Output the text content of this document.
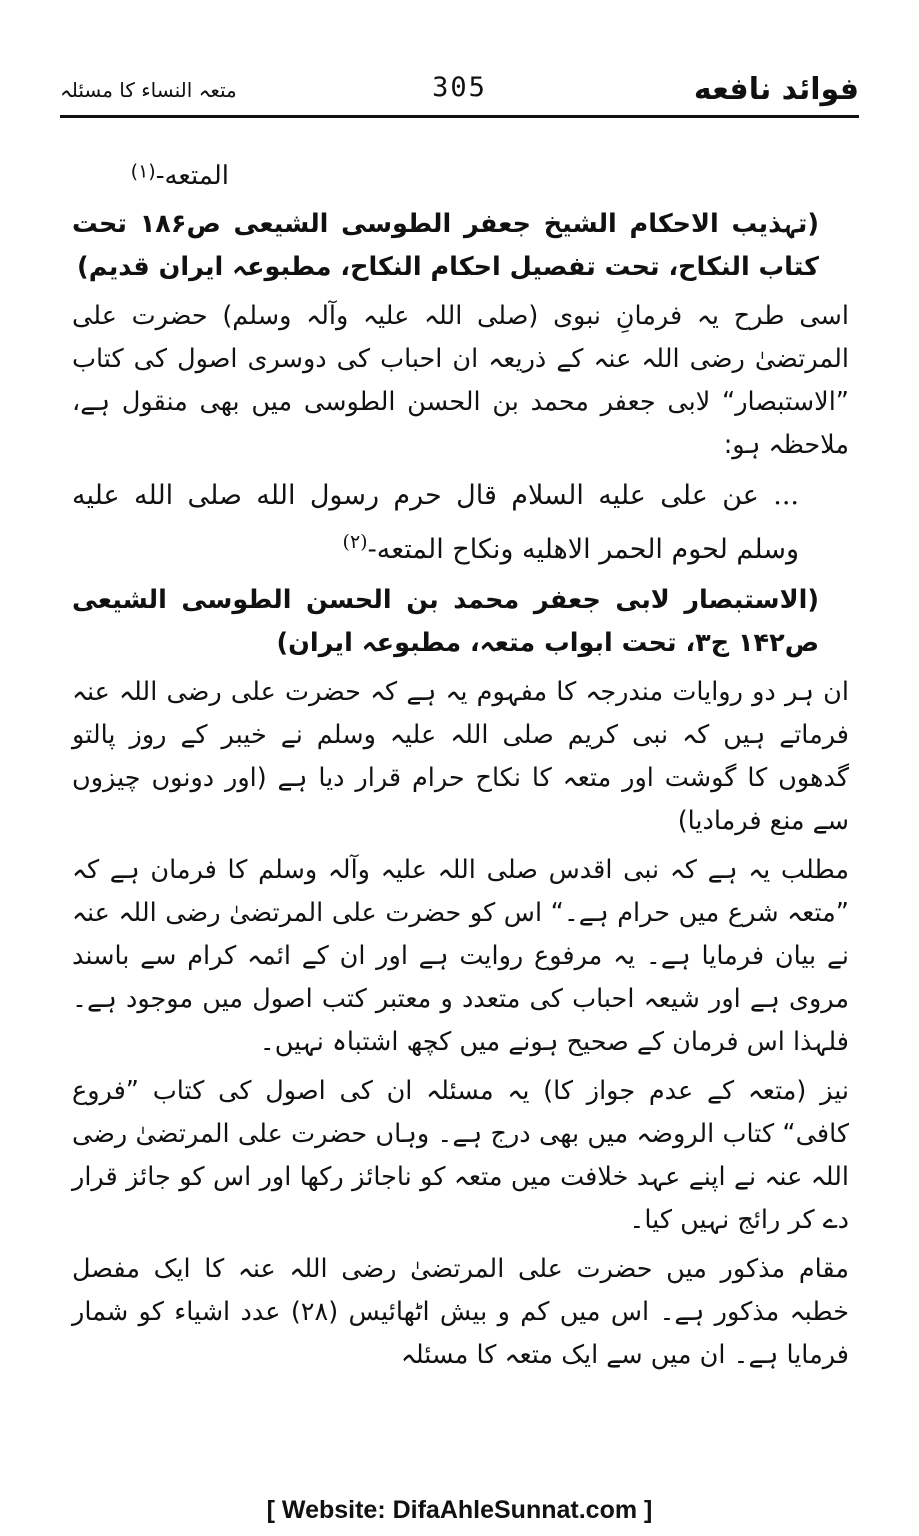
فوائد نافعه
305
متعہ النساء کا مسئلہ
المتعه-(۱)

(تہذیب الاحکام الشیخ جعفر الطوسی الشیعی ص۱۸۶ تحت کتاب النکاح، تحت تفصیل احکام النکاح، مطبوعہ ایران قدیم)

اسی طرح یہ فرمانِ نبوی (صلی اللہ علیہ وآلہ وسلم) حضرت علی المرتضیٰ رضی اللہ عنہ کے ذریعہ ان احباب کی دوسری اصول کی کتاب ”الاستبصار“ لابی جعفر محمد بن الحسن الطوسی میں بھی منقول ہے، ملاحظہ ہو:

... عن علی علیه السلام قال حرم رسول الله صلی الله علیه وسلم لحوم الحمر الاهلیه ونکاح المتعه-$^{(۲)}$

(الاستبصار لابی جعفر محمد بن الحسن الطوسی الشیعی ص۱۴۲ ج۳، تحت ابواب متعہ، مطبوعہ ایران)

ان ہر دو روایات مندرجہ کا مفہوم یہ ہے کہ حضرت علی رضی اللہ عنہ فرماتے ہیں کہ نبی کریم صلی اللہ علیہ وسلم نے خیبر کے روز پالتو گدھوں کا گوشت اور متعہ کا نکاح حرام قرار دیا ہے (اور دونوں چیزوں سے منع فرمادیا)

مطلب یہ ہے کہ نبی اقدس صلی اللہ علیہ وآلہ وسلم کا فرمان ہے کہ ”متعہ شرع میں حرام ہے۔“ اس کو حضرت علی المرتضیٰ رضی اللہ عنہ نے بیان فرمایا ہے۔ یہ مرفوع روایت ہے اور ان کے ائمہ کرام سے باسند مروی ہے اور شیعہ احباب کی متعدد و معتبر کتب اصول میں موجود ہے۔ فلہذا اس فرمان کے صحیح ہونے میں کچھ اشتباہ نہیں۔

نیز (متعہ کے عدم جواز کا) یہ مسئلہ ان کی اصول کی کتاب ”فروع کافی“ کتاب الروضہ میں بھی درج ہے۔ وہاں حضرت علی المرتضیٰ رضی اللہ عنہ نے اپنے عہد خلافت میں متعہ کو ناجائز رکھا اور اس کو جائز قرار دے کر رائج نہیں کیا۔

مقام مذکور میں حضرت علی المرتضیٰ رضی اللہ عنہ کا ایک مفصل خطبہ مذکور ہے۔ اس میں کم و بیش اٹھائیس (۲۸) عدد اشیاء کو شمار فرمایا ہے۔ ان میں سے ایک متعہ کا مسئلہ

[ Website: DifaAhleSunnat.com ]
